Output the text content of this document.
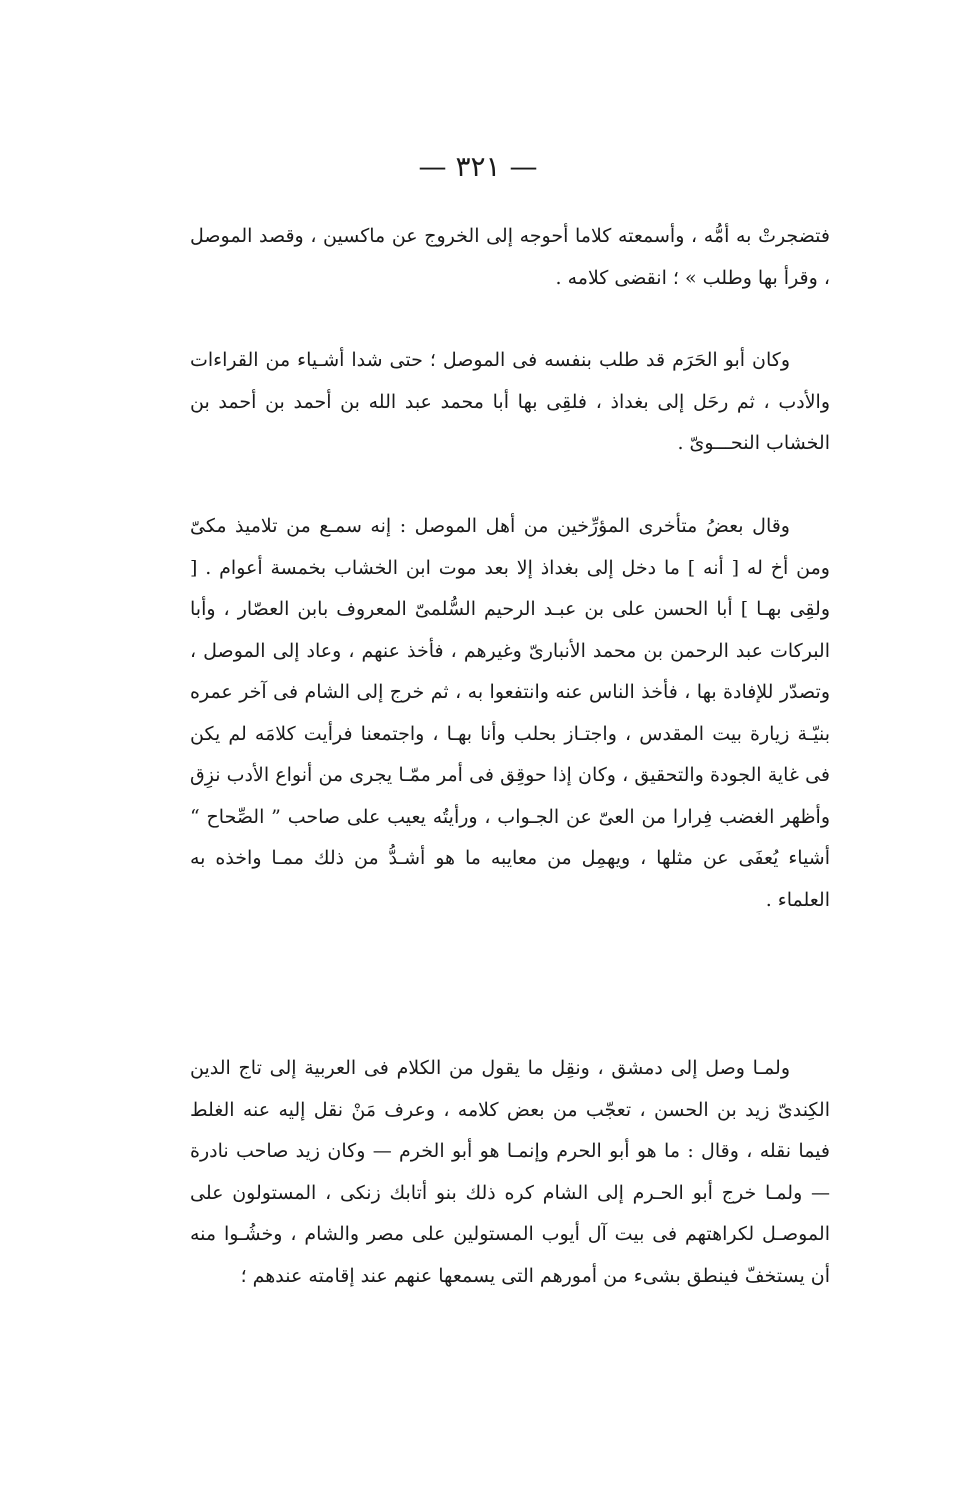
— ٣٢١ —

فتضجرتْ به أمُّه ، وأسمعته كلاما أحوجه إلى الخروج عن ماكسين ، وقصد الموصل ، وقرأ بها وطلب » ؛ انقضى كلامه .

وكان أبو الحَرَم قد طلب بنفسه فى الموصل ؛ حتى شدا أشـياء من القراءات والأدب ، ثم رحَل إلى بغداذ ، فلقِى بها أبا محمد عبد الله بن أحمد بن أحمد بن الخشاب النحـــوىّ .

وقال بعضُ متأخرى المؤرِّخين من أهل الموصل : إنه سمـع من تلاميذ مكىّ ومن أخ له [ أنه ] ما دخل إلى بغداذ إلا بعد موت ابن الخشاب بخمسة أعوام . [ ولقِى بهـا ] أبا الحسن على بن عبـد الرحيم السُّلمىّ المعروف بابن العصّار ، وأبا البركات عبد الرحمن بن محمد الأنبارىّ وغيرهم ، فأخذ عنهم ، وعاد إلى الموصل ، وتصدّر للإفادة بها ، فأخذ الناس عنه وانتفعوا به ، ثم خرج إلى الشام فى آخر عمره بنيّـة زيارة بيت المقدس ، واجتـاز بحلب وأنا بهـا ، واجتمعنا فرأيت كلامَه لم يكن فى غاية الجودة والتحقيق ، وكان إذا حوقِق فى أمر ممّـا يجرى من أنواع الأدب نزِق وأظهر الغضب فِرارا من العىّ عن الجـواب ، ورأيتُه يعيب على صاحب ” الصِّحاح “ أشياء يُعفَى عن مثلها ، ويهمِل من معايبه ما هو أشـدُّ من ذلك ممـا واخذه به العلماء .

ولمـا وصل إلى دمشق ، ونقِل ما يقول من الكلام فى العربية إلى تاج الدين الكِندىّ زيد بن الحسن ، تعجّب من بعض كلامه ، وعرف مَنْ نقل إليه عنه الغلط فيما نقله ، وقال : ما هو أبو الحرم وإنمـا هو أبو الخرم — وكان زيد صاحب نادرة — ولمـا خرج أبو الحـرم إلى الشام كره ذلك بنو أتابك زنكى ، المستولون على الموصـل لكراهتهم فى بيت آل أيوب المستولين على مصر والشام ، وخشُـوا منه أن يستخفّ فينطق بشىء من أمورهم التى يسمعها عنهم عند إقامته عندهم ؛
